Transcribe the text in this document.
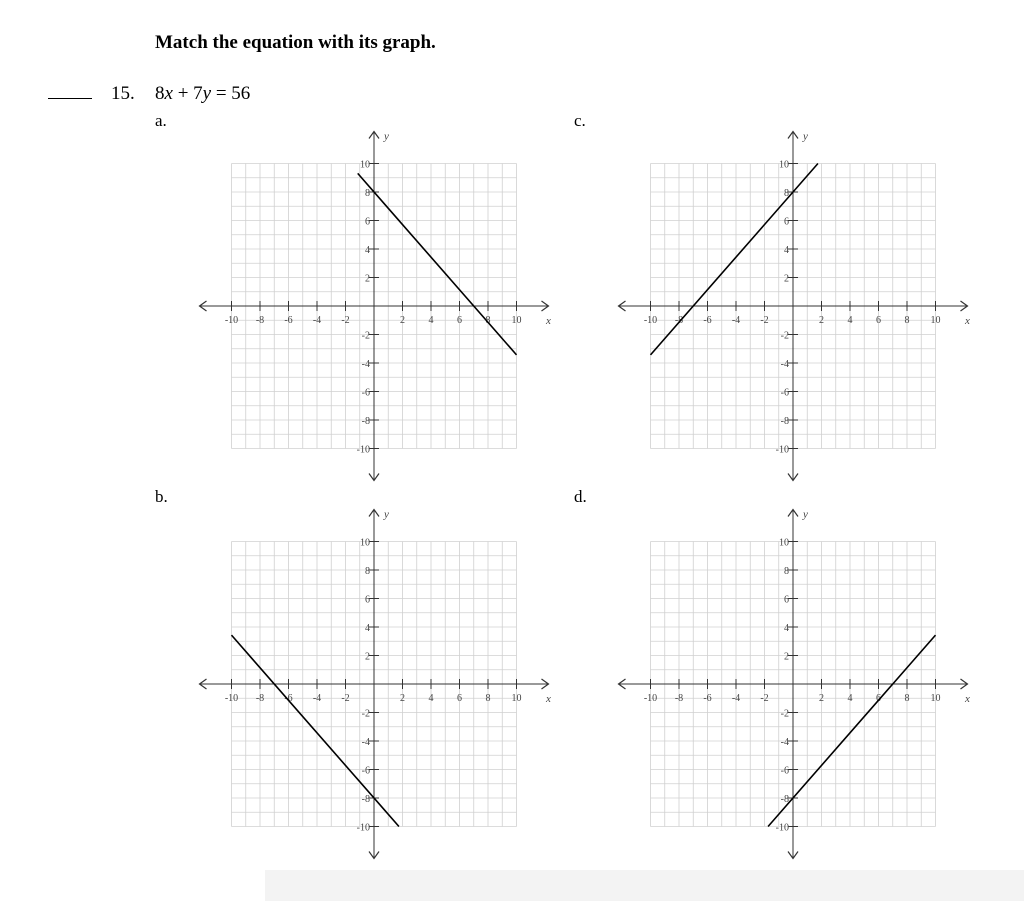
Match the equation with its graph.
15. 8x + 7y = 56
a.	c.
b.	d.
-10 -8 -6 -4 -2	2 4 6 8 10
10
8
6
4
2
-2
-4
-6
-8
-10
x
y
-10 -8 -6 -4 -2	2 4 6 8 10
10
8
6
4
2
-2
-4
-6
-8
-10
x
y
-10 -8 -6 -4 -2	2 4 6 8 10
10
8
6
4
2
-2
-4
-6
-8
-10
x
y
-10 -8 -6 -4 -2	2 4 6 8 10
10
8
6
4
2
-2
-4
-6
-8
-10
x
y
